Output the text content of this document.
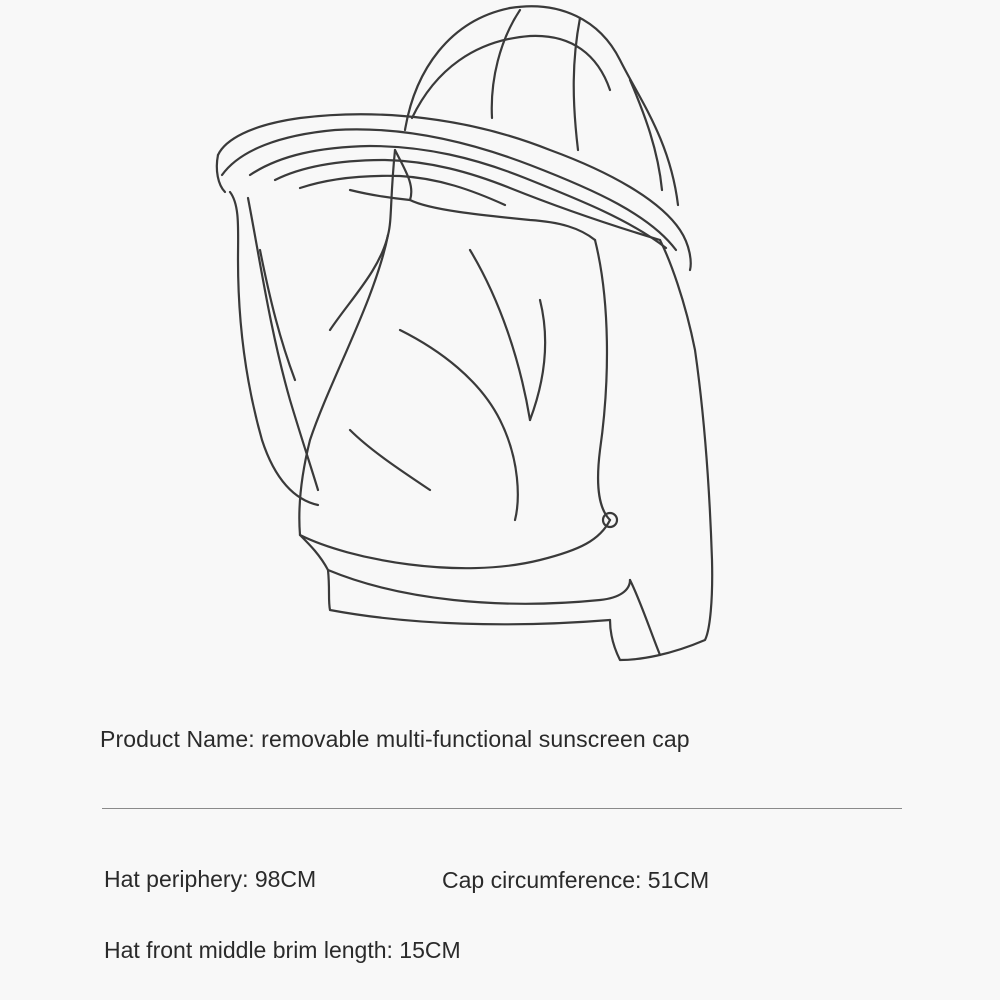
Product Name: removable multi-functional sunscreen cap
Hat periphery: 98CM	Cap circumference: 51CM
Hat front middle brim length: 15CM
